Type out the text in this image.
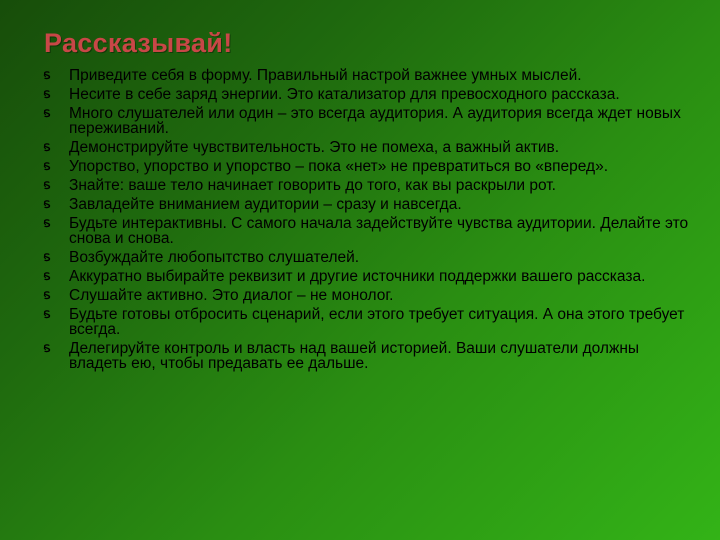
Рассказывай!
Приведите себя в форму. Правильный настрой важнее умных мыслей.
Несите в себе заряд энергии. Это катализатор для превосходного рассказа.
Много слушателей или один – это всегда аудитория. А аудитория всегда ждет новых переживаний.
Демонстрируйте чувствительность. Это не помеха, а важный актив.
Упорство, упорство и упорство – пока «нет» не превратиться во «вперед».
Знайте: ваше тело начинает говорить до того, как вы раскрыли рот.
Завладейте вниманием аудитории – сразу и навсегда.
Будьте интерактивны. С самого начала задействуйте чувства аудитории. Делайте это снова и снова.
Возбуждайте любопытство слушателей.
Аккуратно выбирайте реквизит и другие источники поддержки вашего рассказа.
Слушайте активно. Это диалог – не монолог.
Будьте готовы отбросить сценарий, если этого требует ситуация. А она этого требует всегда.
Делегируйте контроль и власть над вашей историей. Ваши слушатели должны владеть ею, чтобы предавать ее дальше.
